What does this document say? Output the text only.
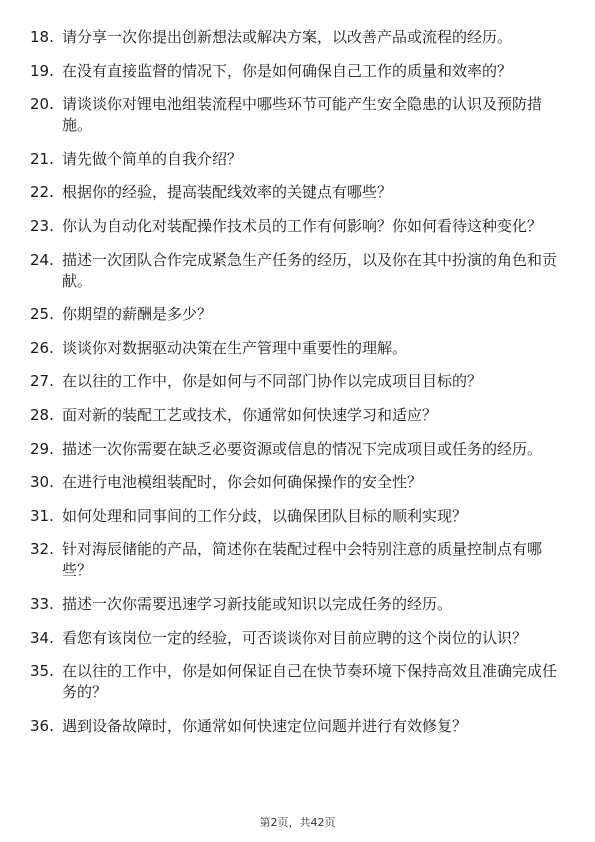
18. 请分享一次你提出创新想法或解决方案，以改善产品或流程的经历。
19. 在没有直接监督的情况下，你是如何确保自己工作的质量和效率的？
20. 请谈谈你对锂电池组装流程中哪些环节可能产生安全隐患的认识及预防措施。
21. 请先做个简单的自我介绍？
22. 根据你的经验，提高装配线效率的关键点有哪些？
23. 你认为自动化对装配操作技术员的工作有何影响？你如何看待这种变化？
24. 描述一次团队合作完成紧急生产任务的经历，以及你在其中扮演的角色和贡献。
25. 你期望的薪酬是多少？
26. 谈谈你对数据驱动决策在生产管理中重要性的理解。
27. 在以往的工作中，你是如何与不同部门协作以完成项目目标的？
28. 面对新的装配工艺或技术，你通常如何快速学习和适应？
29. 描述一次你需要在缺乏必要资源或信息的情况下完成项目或任务的经历。
30. 在进行电池模组装配时，你会如何确保操作的安全性？
31. 如何处理和同事间的工作分歧，以确保团队目标的顺利实现？
32. 针对海辰储能的产品，简述你在装配过程中会特别注意的质量控制点有哪些？
33. 描述一次你需要迅速学习新技能或知识以完成任务的经历。
34. 看您有该岗位一定的经验，可否谈谈你对目前应聘的这个岗位的认识？
35. 在以往的工作中，你是如何保证自己在快节奏环境下保持高效且准确完成任务的？
36. 遇到设备故障时，你通常如何快速定位问题并进行有效修复？
第2页，共42页
